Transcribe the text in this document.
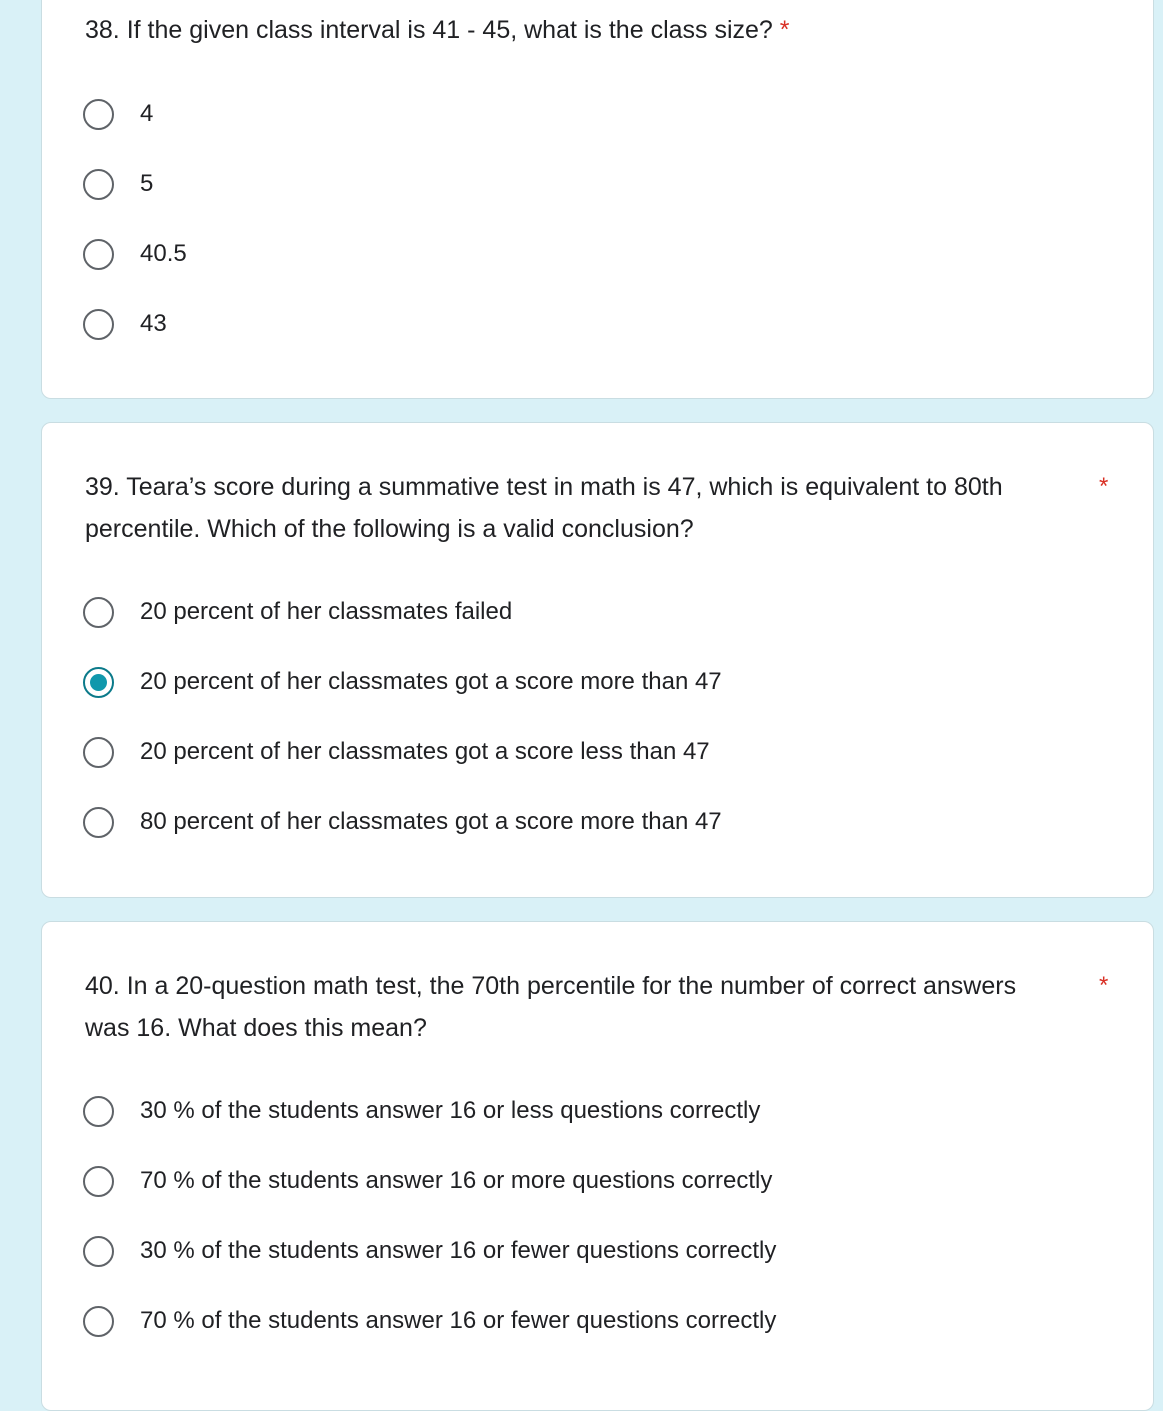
38. If the given class interval is 41 - 45, what is the class size? *
4
5
40.5
43
39. Teara’s score during a summative test in math is 47, which is equivalent to 80th percentile. Which of the following is a valid conclusion?
*
20 percent of her classmates failed
20 percent of her classmates got a score more than 47
20 percent of her classmates got a score less than 47
80 percent of her classmates got a score more than 47
40. In a 20-question math test, the 70th percentile for the number of correct answers was 16. What does this mean?
*
30 % of the students answer 16 or less questions correctly
70 % of the students answer 16 or more questions correctly
30 % of the students answer 16 or fewer questions correctly
70 % of the students answer 16 or fewer questions correctly
